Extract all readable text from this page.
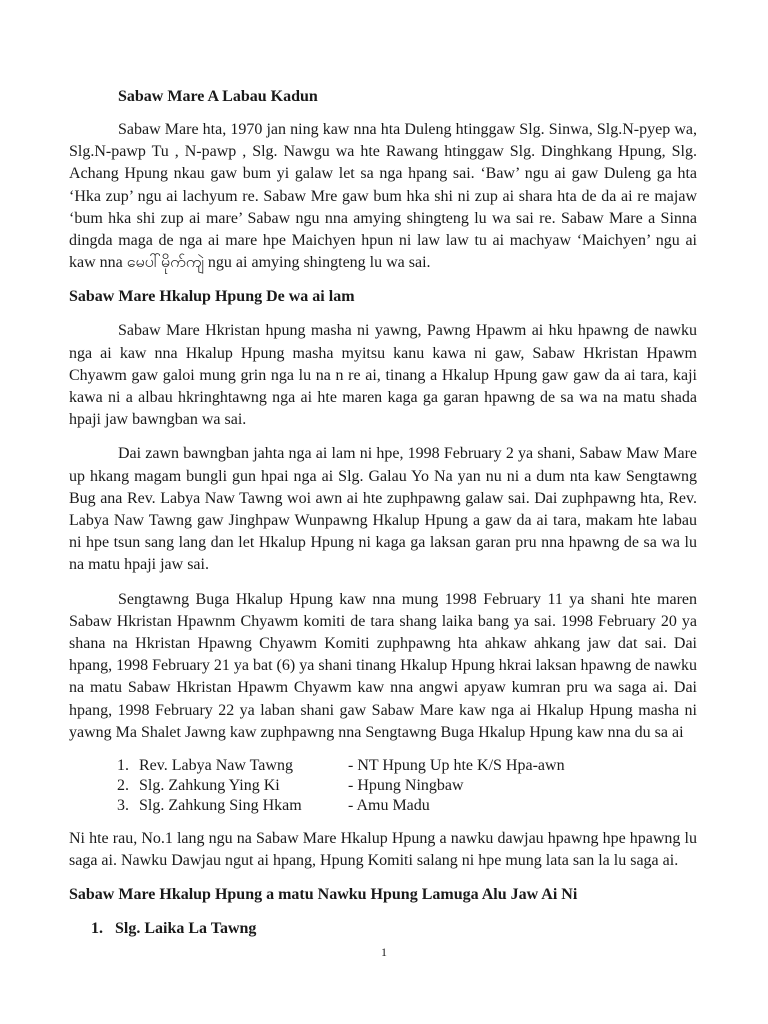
Sabaw Mare A Labau Kadun

Sabaw Mare hta, 1970 jan ning kaw nna hta Duleng htinggaw Slg. Sinwa, Slg.N-pyep wa, Slg.N-pawp Tu , N-pawp , Slg. Nawgu wa hte Rawang htinggaw Slg. Dinghkang Hpung, Slg. Achang Hpung nkau gaw bum yi galaw let sa nga hpang sai. ‘Baw’ ngu ai gaw Duleng ga hta ‘Hka zup’ ngu ai lachyum re. Sabaw Mre gaw bum hka shi ni zup ai shara hta de da ai re majaw ‘bum hka shi zup ai mare’ Sabaw ngu nna amying shingteng lu wa sai re. Sabaw Mare a Sinna dingda maga de nga ai mare hpe Maichyen hpun ni law law tu ai machyaw ‘Maichyen’ ngu ai kaw nna မေပါ်မိုက်ကျဲ ngu ai amying shingteng lu wa sai.

Sabaw Mare Hkalup Hpung De wa ai lam

Sabaw Mare Hkristan hpung masha ni yawng, Pawng Hpawm ai hku hpawng de nawku nga ai kaw nna Hkalup Hpung masha myitsu kanu kawa ni gaw, Sabaw Hkristan Hpawm Chyawm gaw galoi mung grin nga lu na n re ai, tinang a Hkalup Hpung gaw gaw da ai tara, kaji kawa ni a albau hkringhtawng nga ai hte maren kaga ga garan hpawng de sa wa na matu shada hpaji jaw bawngban wa sai.

Dai zawn bawngban jahta nga ai lam ni hpe, 1998 February 2 ya shani, Sabaw Maw Mare up hkang magam bungli gun hpai nga ai Slg. Galau Yo Na yan nu ni a dum nta kaw Sengtawng Bug ana Rev. Labya Naw Tawng woi awn ai hte zuphpawng galaw sai. Dai zuphpawng hta, Rev. Labya Naw Tawng gaw Jinghpaw Wunpawng Hkalup Hpung a gaw da ai tara, makam hte labau ni hpe tsun sang lang dan let Hkalup Hpung ni kaga ga laksan garan pru nna hpawng de sa wa lu na matu hpaji jaw sai.

Sengtawng Buga Hkalup Hpung kaw nna mung 1998 February 11 ya shani hte maren Sabaw Hkristan Hpawnm Chyawm komiti de tara shang laika bang ya sai. 1998 February 20 ya shana na Hkristan Hpawng Chyawm Komiti zuphpawng hta ahkaw ahkang jaw dat sai. Dai hpang, 1998 February 21 ya bat (6) ya shani tinang Hkalup Hpung hkrai laksan hpawng de nawku na matu Sabaw Hkristan Hpawm Chyawm kaw nna angwi apyaw kumran pru wa saga ai. Dai hpang, 1998 February 22 ya laban shani gaw Sabaw Mare kaw nga ai Hkalup Hpung masha ni yawng Ma Shalet Jawng kaw zuphpawng nna Sengtawng Buga Hkalup Hpung kaw nna du sa ai

1. Rev. Labya Naw Tawng	- NT Hpung Up hte K/S Hpa-awn
2. Slg. Zahkung Ying Ki	- Hpung Ningbaw
3. Slg. Zahkung Sing Hkam	- Amu Madu

Ni hte rau, No.1 lang ngu na Sabaw Mare Hkalup Hpung a nawku dawjau hpawng hpe hpawng lu saga ai. Nawku Dawjau ngut ai hpang, Hpung Komiti salang ni hpe mung lata san la lu saga ai.

Sabaw Mare Hkalup Hpung a matu Nawku Hpung Lamuga Alu Jaw Ai Ni
1. Slg. Laika La Tawng
1
